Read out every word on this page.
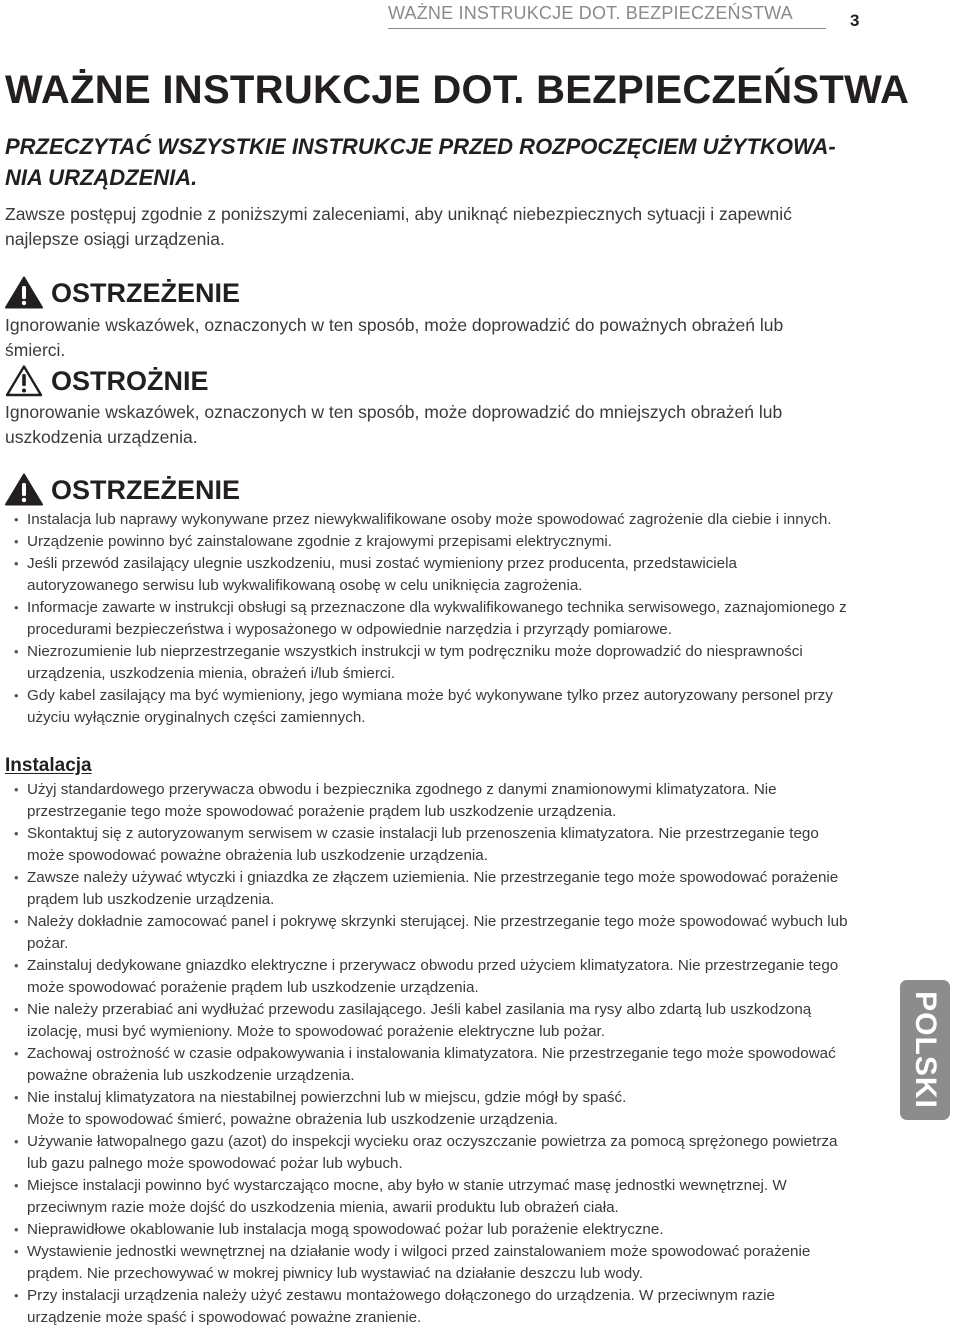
WAŻNE INSTRUKCJE DOT. BEZPIECZEŃSTWA	3
WAŻNE INSTRUKCJE DOT. BEZPIECZEŃSTWA

PRZECZYTAĆ WSZYSTKIE INSTRUKCJE PRZED ROZPOCZĘCIEM UŻYTKOWA-NIA URZĄDZENIA.

Zawsze postępuj zgodnie z poniższymi zaleceniami, aby uniknąć niebezpiecznych sytuacji i zapewnić najlepsze osiągi urządzenia.

OSTRZEŻENIE

Ignorowanie wskazówek, oznaczonych w ten sposób, może doprowadzić do poważnych obrażeń lub śmierci.

OSTROŻNIE

Ignorowanie wskazówek, oznaczonych w ten sposób, może doprowadzić do mniejszych obrażeń lub uszkodzenia urządzenia.

OSTRZEŻENIE
• Instalacja lub naprawy wykonywane przez niewykwalifikowane osoby może spowodować zagrożenie dla ciebie i innych.
• Urządzenie powinno być zainstalowane zgodnie z krajowymi przepisami elektrycznymi.
• Jeśli przewód zasilający ulegnie uszkodzeniu, musi zostać wymieniony przez producenta, przedstawiciela autoryzowanego serwisu lub wykwalifikowaną osobę w celu uniknięcia zagrożenia.
• Informacje zawarte w instrukcji obsługi są przeznaczone dla wykwalifikowanego technika serwisowego, zaznajomionego z procedurami bezpieczeństwa i wyposażonego w odpowiednie narzędzia i przyrządy pomiarowe.
• Niezrozumienie lub nieprzestrzeganie wszystkich instrukcji w tym podręczniku może doprowadzić do niesprawności urządzenia, uszkodzenia mienia, obrażeń i/lub śmierci.
• Gdy kabel zasilający ma być wymieniony, jego wymiana może być wykonywane tylko przez autoryzowany personel przy użyciu wyłącznie oryginalnych części zamiennych.
Instalacja
• Użyj standardowego przerywacza obwodu i bezpiecznika zgodnego z danymi znamionowymi klimatyzatora. Nie przestrzeganie tego może spowodować porażenie prądem lub uszkodzenie urządzenia.
• Skontaktuj się z autoryzowanym serwisem w czasie instalacji lub przenoszenia klimatyzatora. Nie przestrzeganie tego może spowodować poważne obrażenia lub uszkodzenie urządzenia.
• Zawsze należy używać wtyczki i gniazdka ze złączem uziemienia. Nie przestrzeganie tego może spowodować porażenie prądem lub uszkodzenie urządzenia.
• Należy dokładnie zamocować panel i pokrywę skrzynki sterującej. Nie przestrzeganie tego może spowodować wybuch lub pożar.
• Zainstaluj dedykowane gniazdko elektryczne i przerywacz obwodu przed użyciem klimatyzatora. Nie przestrzeganie tego może spowodować porażenie prądem lub uszkodzenie urządzenia.
• Nie należy przerabiać ani wydłużać przewodu zasilającego. Jeśli kabel zasilania ma rysy albo zdartą lub uszkodzoną izolację, musi być wymieniony. Może to spowodować porażenie elektryczne lub pożar.
• Zachowaj ostrożność w czasie odpakowywania i instalowania klimatyzatora. Nie przestrzeganie tego może spowodować poważne obrażenia lub uszkodzenie urządzenia.
• Nie instaluj klimatyzatora na niestabilnej powierzchni lub w miejscu, gdzie mógł by spaść.
Może to spowodować śmierć, poważne obrażenia lub uszkodzenie urządzenia.
• Używanie łatwopalnego gazu (azot) do inspekcji wycieku oraz oczyszczanie powietrza za pomocą sprężonego powietrza lub gazu palnego może spowodować pożar lub wybuch.
• Miejsce instalacji powinno być wystarczająco mocne, aby było w stanie utrzymać masę jednostki wewnętrznej. W przeciwnym razie może dojść do uszkodzenia mienia, awarii produktu lub obrażeń ciała.
• Nieprawidłowe okablowanie lub instalacja mogą spowodować pożar lub porażenie elektryczne.
• Wystawienie jednostki wewnętrznej na działanie wody i wilgoci przed zainstalowaniem może spowodować porażenie prądem. Nie przechowywać w mokrej piwnicy lub wystawiać na działanie deszczu lub wody.
• Przy instalacji urządzenia należy użyć zestawu montażowego dołączonego do urządzenia. W przeciwnym razie urządzenie może spaść i spowodować poważne zranienie.
POLSKI
